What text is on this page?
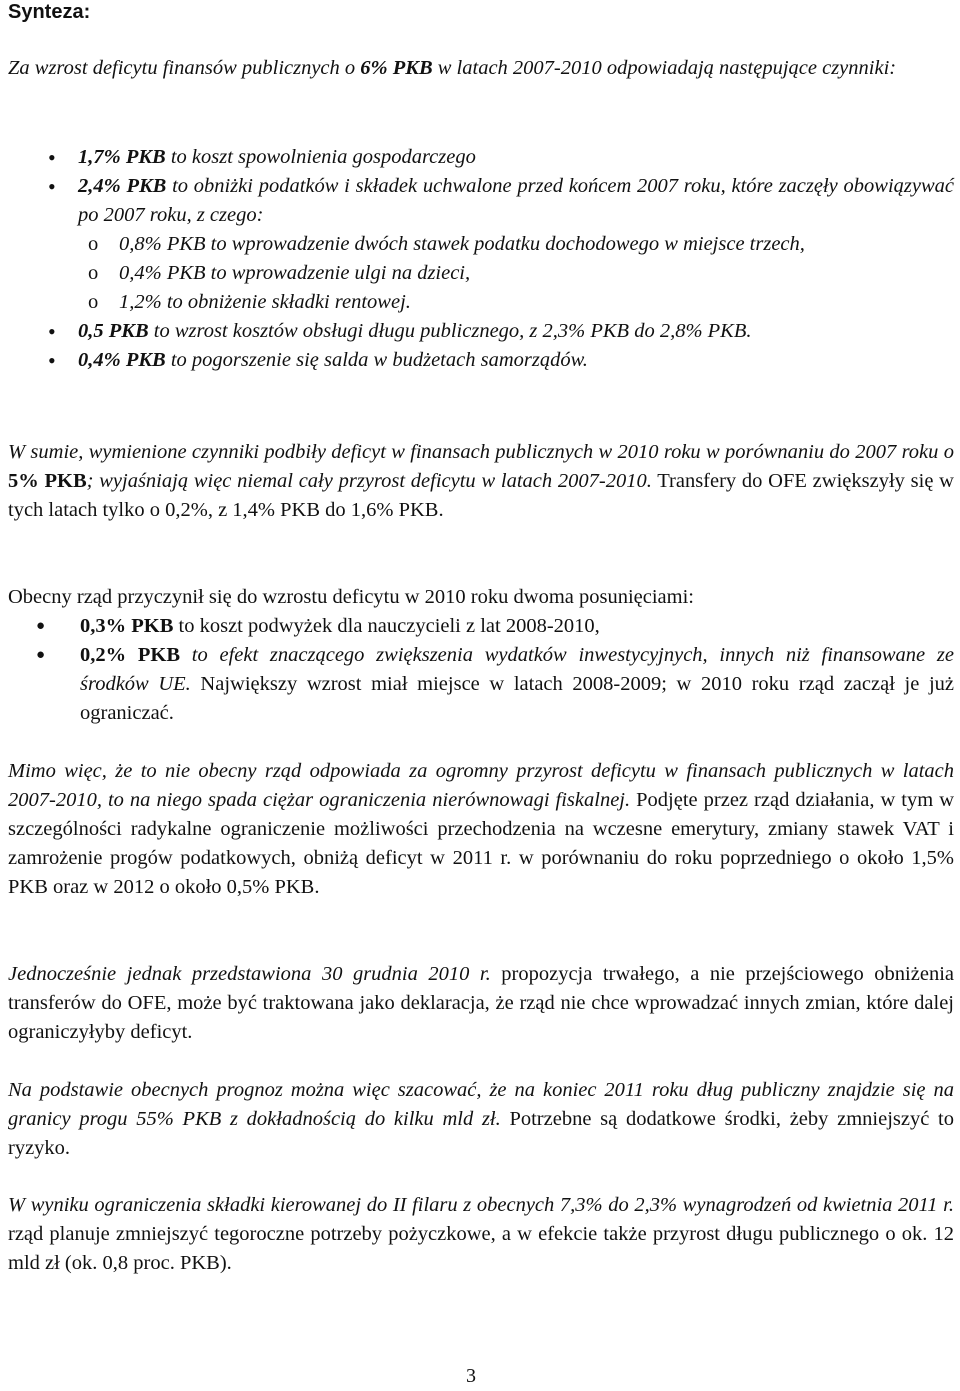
Synteza:

Za wzrost deficytu finansów publicznych o 6% PKB w latach 2007-2010 odpowiadają następujące czynniki:

• 1,7% PKB to koszt spowolnienia gospodarczego
• 2,4% PKB to obniżki podatków i składek uchwalone przed końcem 2007 roku, które zaczęły obowiązywać po 2007 roku, z czego:
o 0,8% PKB to wprowadzenie dwóch stawek podatku dochodowego w miejsce trzech,
o 0,4% PKB to wprowadzenie ulgi na dzieci,
o 1,2% to obniżenie składki rentowej.
• 0,5 PKB to wzrost kosztów obsługi długu publicznego, z 2,3% PKB do 2,8% PKB.
• 0,4% PKB to pogorszenie się salda w budżetach samorządów.

W sumie, wymienione czynniki podbiły deficyt w finansach publicznych w 2010 roku w porównaniu do 2007 roku o 5% PKB; wyjaśniają więc niemal cały przyrost deficytu w latach 2007-2010. Transfery do OFE zwiększyły się w tych latach tylko o 0,2%, z 1,4% PKB do 1,6% PKB.

Obecny rząd przyczynił się do wzrostu deficytu w 2010 roku dwoma posunięciami:

● 0,3% PKB to koszt podwyżek dla nauczycieli z lat 2008-2010,
● 0,2% PKB to efekt znaczącego zwiększenia wydatków inwestycyjnych, innych niż finansowane ze środków UE. Największy wzrost miał miejsce w latach 2008-2009; w 2010 roku rząd zaczął je już ograniczać.

Mimo więc, że to nie obecny rząd odpowiada za ogromny przyrost deficytu w finansach publicznych w latach 2007-2010, to na niego spada ciężar ograniczenia nierównowagi fiskalnej. Podjęte przez rząd działania, w tym w szczególności radykalne ograniczenie możliwości przechodzenia na wczesne emerytury, zmiany stawek VAT i zamrożenie progów podatkowych, obniżą deficyt w 2011 r. w porównaniu do roku poprzedniego o około 1,5% PKB oraz w 2012 o około 0,5% PKB.

Jednocześnie jednak przedstawiona 30 grudnia 2010 r. propozycja trwałego, a nie przejściowego obniżenia transferów do OFE, może być traktowana jako deklaracja, że rząd nie chce wprowadzać innych zmian, które dalej ograniczyłyby deficyt.

Na podstawie obecnych prognoz można więc szacować, że na koniec 2011 roku dług publiczny znajdzie się na granicy progu 55% PKB z dokładnością do kilku mld zł. Potrzebne są dodatkowe środki, żeby zmniejszyć to ryzyko.

W wyniku ograniczenia składki kierowanej do II filaru z obecnych 7,3% do 2,3% wynagrodzeń od kwietnia 2011 r. rząd planuje zmniejszyć tegoroczne potrzeby pożyczkowe, a w efekcie także przyrost długu publicznego o ok. 12 mld zł (ok. 0,8 proc. PKB).

3
